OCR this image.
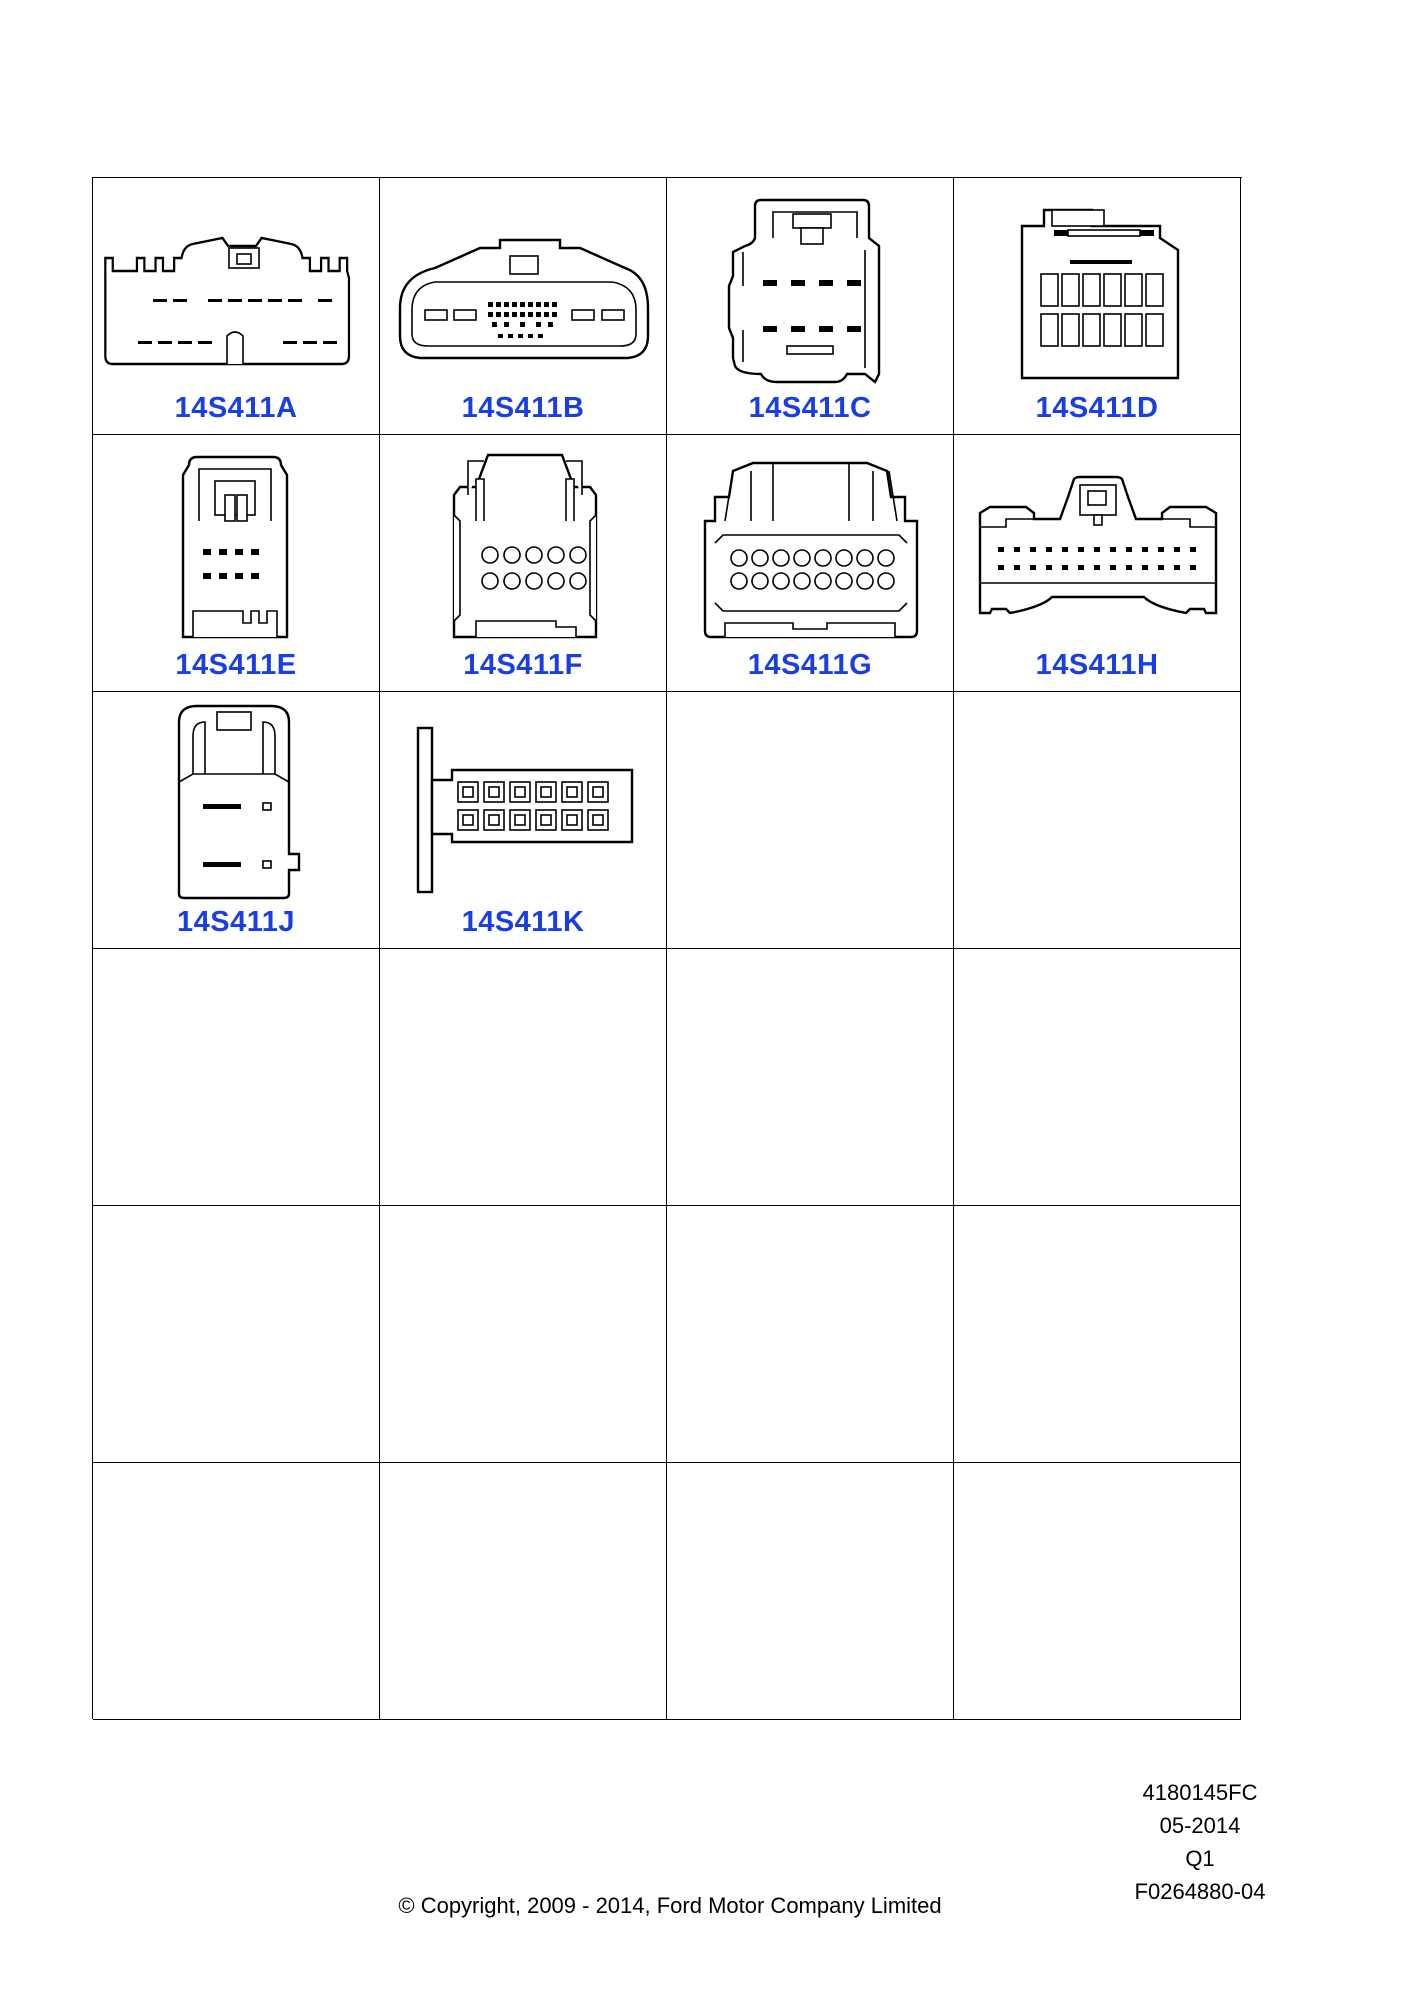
14S411A	14S411B	14S411C	14S411D
14S411E	14S411F	14S411G	14S411H
14S411J	14S411K
4180145FC
05-2014
Q1
F0264880-04
© Copyright, 2009 - 2014, Ford Motor Company Limited
